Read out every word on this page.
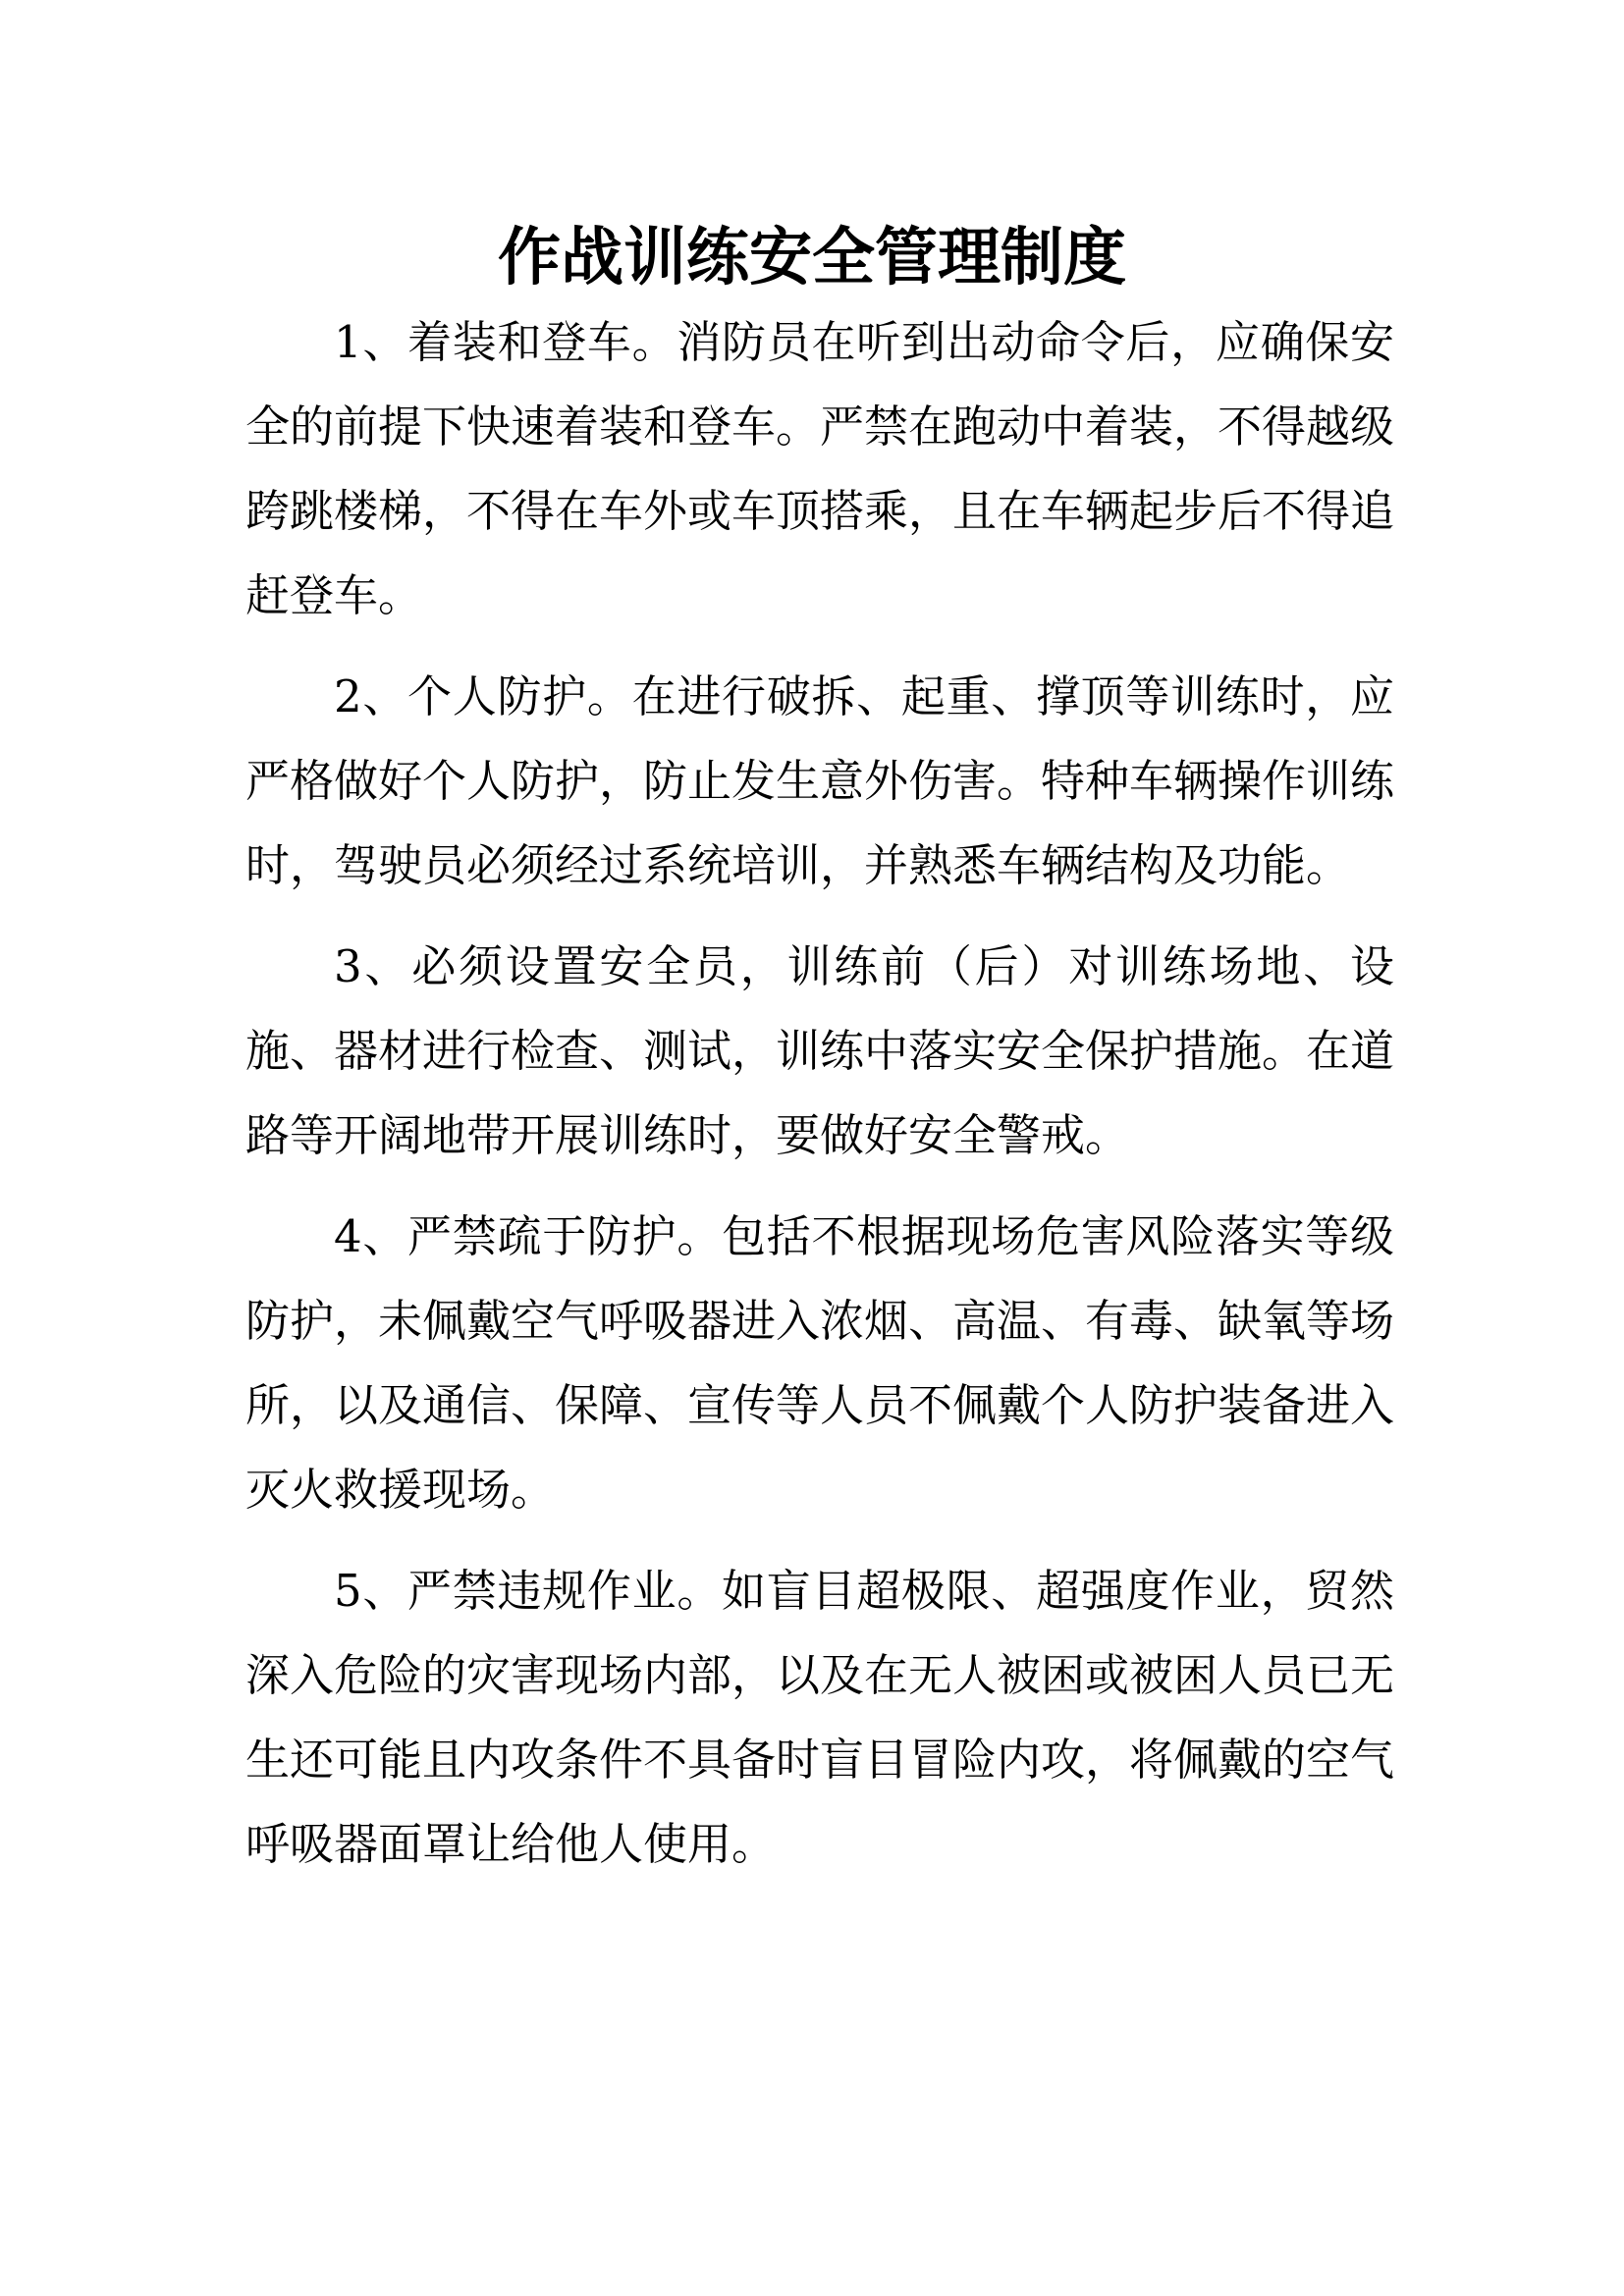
作战训练安全管理制度

1、着装和登车。消防员在听到出动命令后，应确保安全的前提下快速着装和登车。严禁在跑动中着装，不得越级跨跳楼梯，不得在车外或车顶搭乘，且在车辆起步后不得追赶登车。

2、个人防护。在进行破拆、起重、撑顶等训练时，应严格做好个人防护，防止发生意外伤害。特种车辆操作训练时，驾驶员必须经过系统培训，并熟悉车辆结构及功能。

3、必须设置安全员，训练前（后）对训练场地、设施、器材进行检查、测试，训练中落实安全保护措施。在道路等开阔地带开展训练时，要做好安全警戒。

4、严禁疏于防护。包括不根据现场危害风险落实等级防护，未佩戴空气呼吸器进入浓烟、高温、有毒、缺氧等场所，以及通信、保障、宣传等人员不佩戴个人防护装备进入灭火救援现场。

5、严禁违规作业。如盲目超极限、超强度作业，贸然深入危险的灾害现场内部，以及在无人被困或被困人员已无生还可能且内攻条件不具备时盲目冒险内攻，将佩戴的空气呼吸器面罩让给他人使用。
